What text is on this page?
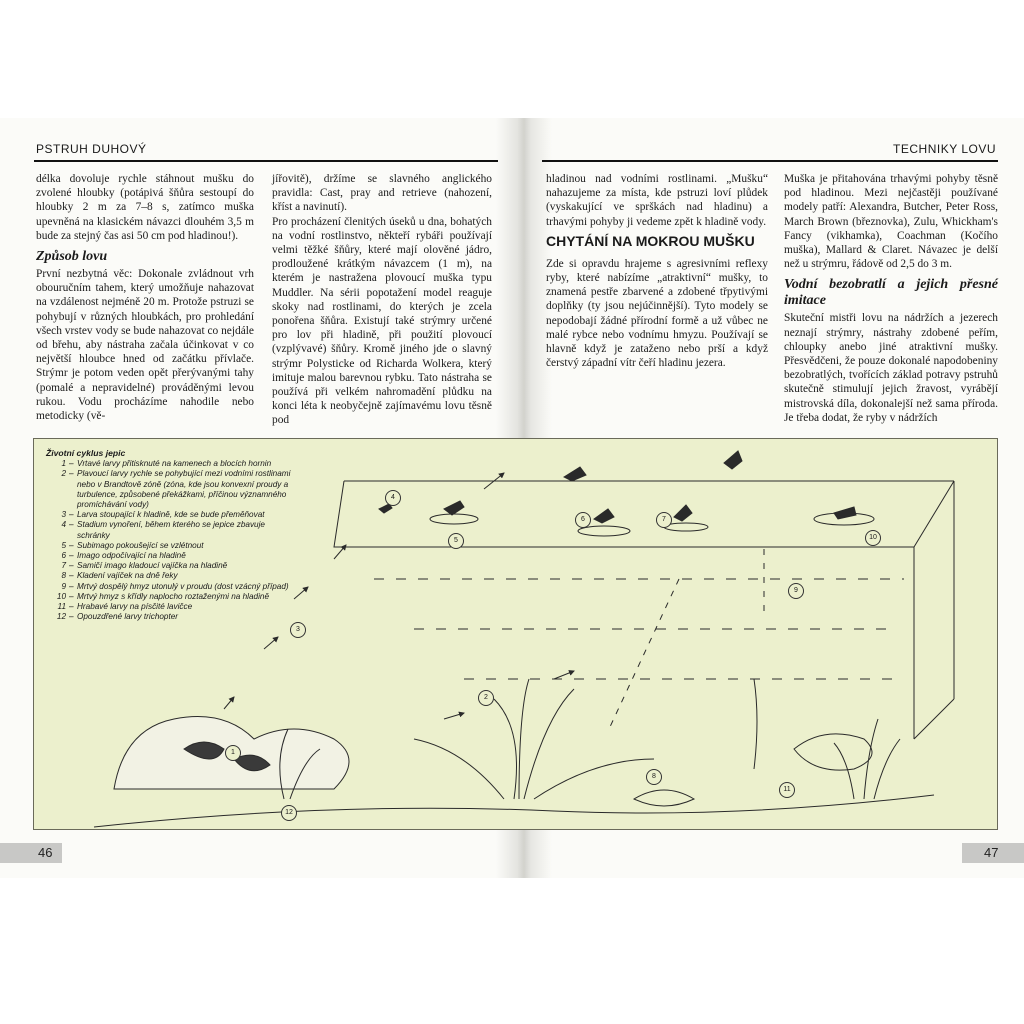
PSTRUH DUHOVÝ	TECHNIKY LOVU

délka dovoluje rychle stáhnout mušku do zvolené hloubky (potápivá šňůra sestoupí do hloubky 2 m za 7–8 s, zatímco muška upevněná na klasickém návazci dlouhém 3,5 m bude za stejný čas asi 50 cm pod hladinou!).

Způsob lovu

První nezbytná věc: Dokonale zvládnout vrh obouručním tahem, který umožňuje nahazovat na vzdálenost nejméně 20 m. Protože pstruzi se pohybují v různých hloubkách, pro prohledání všech vrstev vody se bude nahazovat co nejdále od břehu, aby nástraha začala účinkovat v co největší hloubce hned od začátku přívlače. Strýmr je potom veden opět přerývanými tahy (pomalé a nepravidelné) prováděnými levou rukou. Vodu procházíme nahodile nebo metodicky (vě-

jířovitě), držíme se slavného anglického pravidla: Cast, pray and retrieve (nahození, kříst a navinutí).

Pro procházení členitých úseků u dna, bohatých na vodní rostlinstvo, někteří rybáři používají velmi těžké šňůry, které mají olověné jádro, prodloužené krátkým návazcem (1 m), na kterém je nastražena plovoucí muška typu Muddler. Na sérii popotažení model reaguje skoky nad rostlinami, do kterých je zcela ponořena šňůra. Existují také strýmry určené pro lov při hladině, při použití plovoucí (vzplývavé) šňůry. Kromě jiného jde o slavný strýmr Polysticke od Richarda Wolkera, který imituje malou barevnou rybku. Tato nástraha se používá při velkém nahromadění plůdku na konci léta k neobyčejně zajímavému lovu těsně pod

hladinou nad vodními rostlinami. „Mušku“ nahazujeme za místa, kde pstruzi loví plůdek (vyskakující ve sprškách nad hladinu) a trhavými pohyby ji vedeme zpět k hladině vody.

CHYTÁNÍ NA MOKROU MUŠKU

Zde si opravdu hrajeme s agresivními reflexy ryby, které nabízíme „atraktivní“ mušky, to znamená pestře zbarvené a zdobené třpytivými doplňky (ty jsou nejúčinnější). Tyto modely se nepodobají žádné přírodní formě a už vůbec ne malé rybce nebo vodnímu hmyzu. Používají se hlavně když je zataženo nebo prší a když čerstvý západní vítr čeří hladinu jezera.

Muška je přitahována trhavými pohyby těsně pod hladinou. Mezi nejčastěji používané modely patří: Alexandra, Butcher, Peter Ross, March Brown (březnovka), Zulu, Whickham's Fancy (vikhamka), Coachman (Kočího muška), Mallard & Claret. Návazec je delší než u strýmru, řádově od 2,5 do 3 m.

Vodní bezobratlí a jejich přesné imitace

Skuteční mistři lovu na nádržích a jezerech neznají strýmry, nástrahy zdobené peřím, chloupky anebo jiné atraktivní mušky. Přesvědčeni, že pouze dokonalé napodobeniny bezobratlých, tvořících základ potravy pstruhů skutečně stimulují jejich žravost, vyrábějí mistrovská díla, dokonalejší než sama příroda. Je třeba dodat, že ryby v nádržích

Životní cyklus jepic
1 – Vrtavé larvy přitisknuté na kamenech a blocích hornin
2 – Plavoucí larvy rychle se pohybující mezi vodními rostlinami nebo v Brandtově zóně (zóna, kde jsou konvexní proudy a turbulence, způsobené překážkami, příčinou významného promíchávání vody)
3 – Larva stoupající k hladině, kde se bude přeměňovat
4 – Stadium vynoření, během kterého se jepice zbavuje schránky
5 – Subimago pokoušející se vzlétnout
6 – Imago odpočívající na hladině
7 – Samičí imago kladoucí vajíčka na hladině
8 – Kladení vajíček na dně řeky
9 – Mrtvý dospělý hmyz utonulý v proudu (dost vzácný případ)
10 – Mrtvý hmyz s křídly naplocho roztaženými na hladině
11 – Hrabavé larvy na písčité lavičce
12 – Opouzdřené larvy trichopter
1
2
3
4
5
6	7
8
9
10
11
12
46	47
